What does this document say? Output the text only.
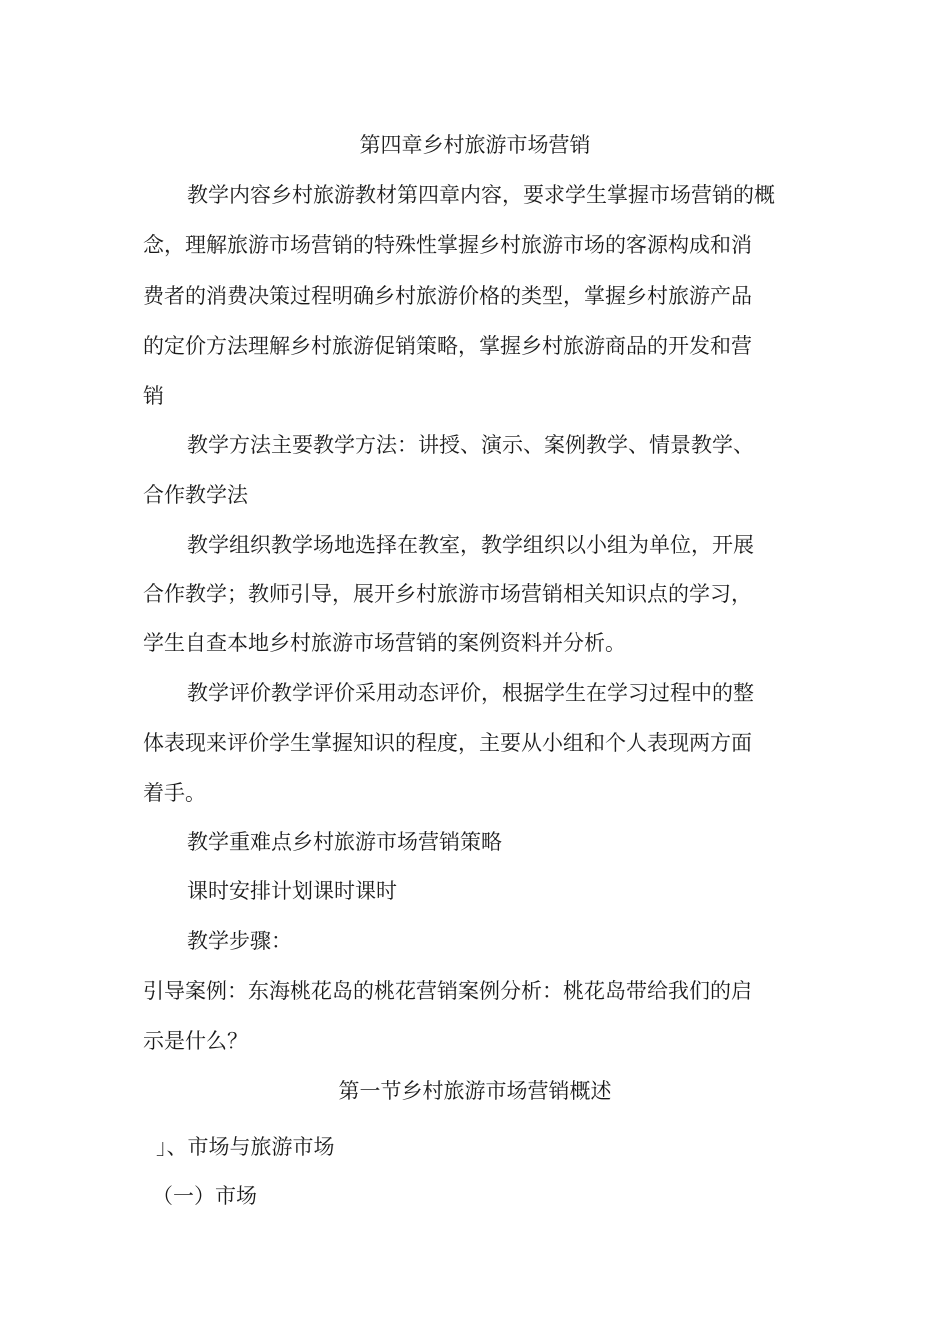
第四章乡村旅游市场营销
教学内容乡村旅游教材第四章内容，要求学生掌握市场营销的概
念，理解旅游市场营销的特殊性掌握乡村旅游市场的客源构成和消
费者的消费决策过程明确乡村旅游价格的类型，掌握乡村旅游产品
的定价方法理解乡村旅游促销策略，掌握乡村旅游商品的开发和营
销
教学方法主要教学方法：讲授、演示、案例教学、情景教学、
合作教学法
教学组织教学场地选择在教室，教学组织以小组为单位，开展
合作教学；教师引导，展开乡村旅游市场营销相关知识点的学习，
学生自查本地乡村旅游市场营销的案例资料并分析。
教学评价教学评价采用动态评价，根据学生在学习过程中的整
体表现来评价学生掌握知识的程度，主要从小组和个人表现两方面
着手。
教学重难点乡村旅游市场营销策略
课时安排计划课时课时
教学步骤：
引导案例：东海桃花岛的桃花营销案例分析：桃花岛带给我们的启
示是什么？
第一节乡村旅游市场营销概述
」、市场与旅游市场
（一）市场
